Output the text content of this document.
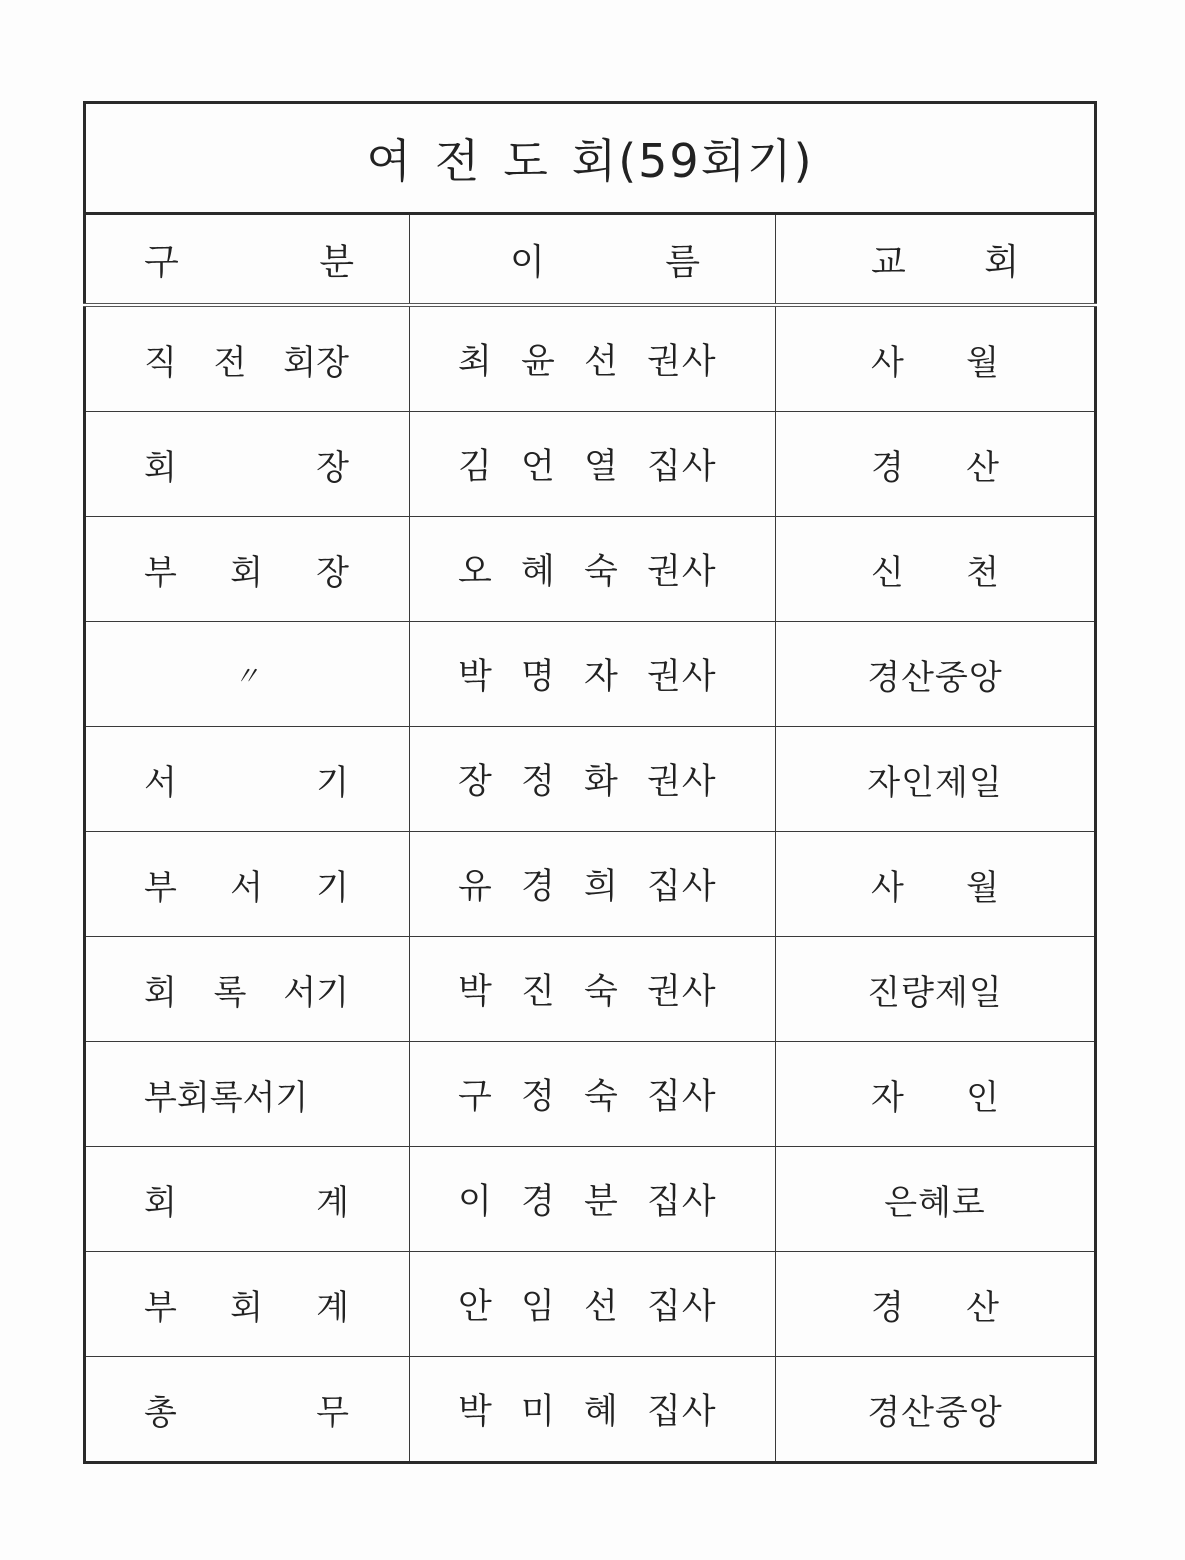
여 전 도 회(59회기)		

구 분	이 름	교 회

직 전 회장	최 윤 선 권사	사 월

회 장	김 언 열 집사	경 산

부 회 장	오 혜 숙 권사	신 천

〃	박 명 자 권사	경산중앙

서 기	장 정 화 권사	자인제일

부 서 기	유 경 희 집사	사 월

회 록 서기	박 진 숙 권사	진량제일

부회록서기	구 정 숙 집사	자 인

회 계	이 경 분 집사	은혜로

부 회 계	안 임 선 집사	경 산

총 무	박 미 혜 집사	경산중앙
